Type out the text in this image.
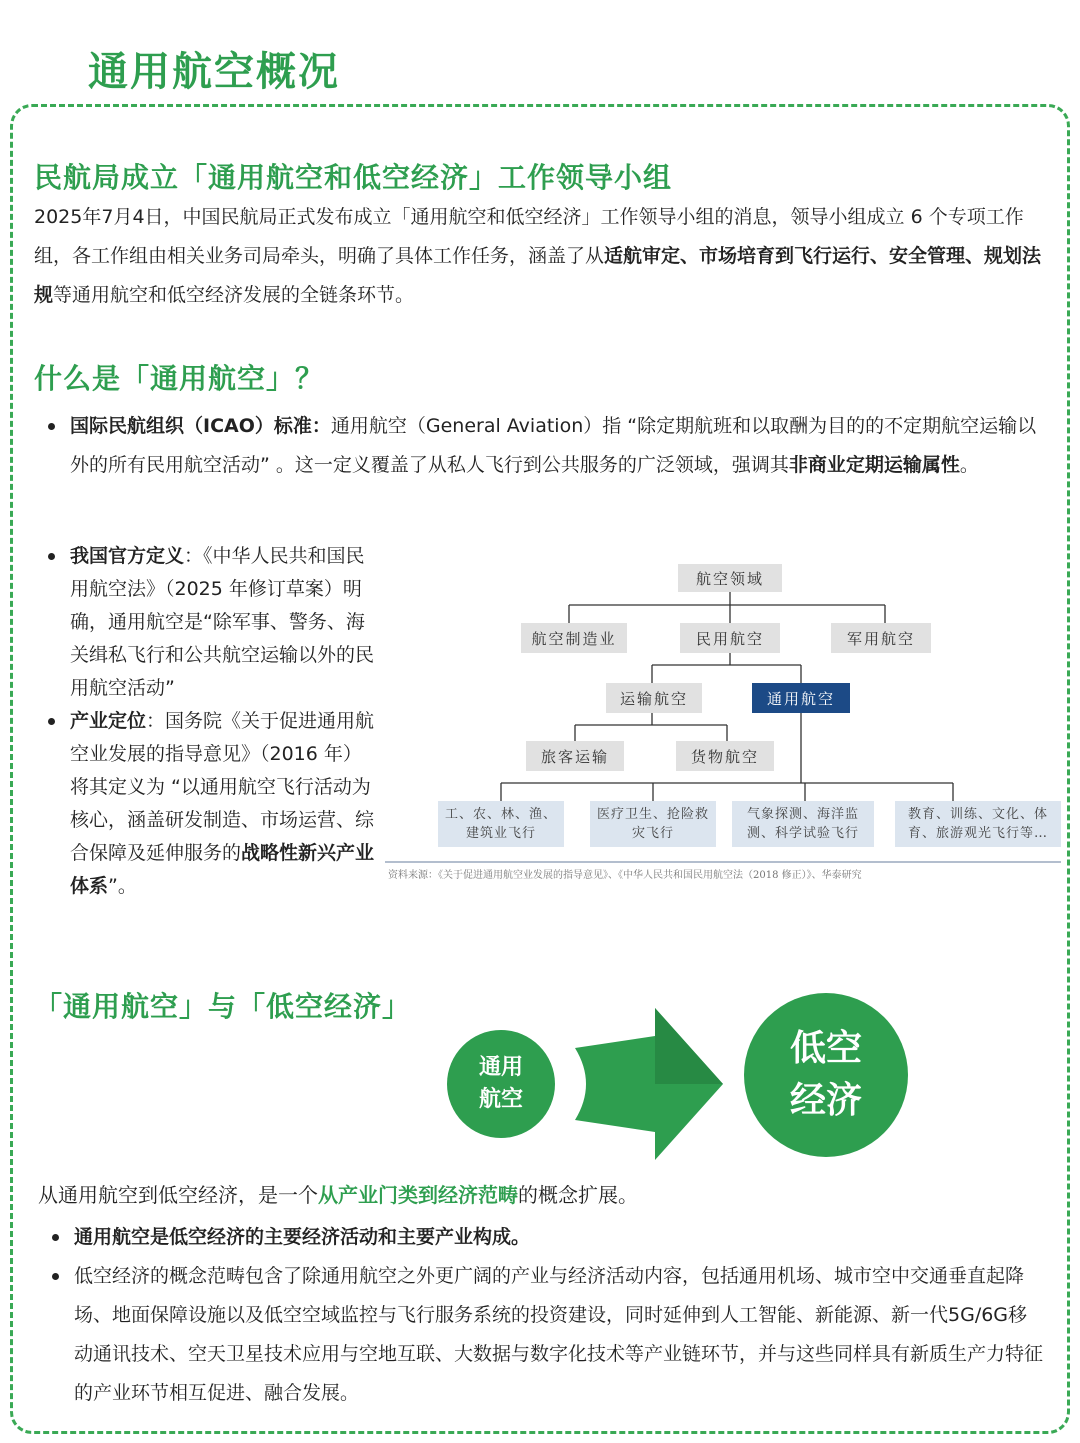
通用航空概况
民航局成立「通用航空和低空经济」工作领导小组
2025年7月4日，中国民航局正式发布成立「通用航空和低空经济」工作领导小组的消息，领导小组成立 6 个专项工作组，各工作组由相关业务司局牵头，明确了具体工作任务，涵盖了从适航审定、市场培育到飞行运行、安全管理、规划法规等通用航空和低空经济发展的全链条环节。
什么是「通用航空」？
国际民航组织（ICAO）标准：通用航空（General Aviation）指 “除定期航班和以取酬为目的的不定期航空运输以外的所有民用航空活动” 。这一定义覆盖了从私人飞行到公共服务的广泛领域，强调其非商业定期运输属性。
我国官方定义：《中华人民共和国民用航空法》（2025 年修订草案）明确，通用航空是“除军事、警务、海关缉私飞行和公共航空运输以外的民用航空活动”
产业定位：国务院《关于促进通用航空业发展的指导意见》（2016 年）将其定义为 “以通用航空飞行活动为核心，涵盖研发制造、市场运营、综合保障及延伸服务的战略性新兴产业体系”。
航空领域
航空制造业	民用航空	军用航空
运输航空	通用航空
旅客运输	货物航空
工、农、林、渔、建筑业飞行
医疗卫生、抢险救灾飞行
气象探测、海洋监测、科学试验飞行
教育、训练、文化、体育、旅游观光飞行等…
资料来源：《关于促进通用航空业发展的指导意见》、《中华人民共和国民用航空法（2018 修正）》、华泰研究
「通用航空」与「低空经济」
通用
航空
低空
经济
从通用航空到低空经济，是一个从产业门类到经济范畴的概念扩展。
通用航空是低空经济的主要经济活动和主要产业构成。
低空经济的概念范畴包含了除通用航空之外更广阔的产业与经济活动内容，包括通用机场、城市空中交通垂直起降场、地面保障设施以及低空空域监控与飞行服务系统的投资建设，同时延伸到人工智能、新能源、新一代5G/6G移动通讯技术、空天卫星技术应用与空地互联、大数据与数字化技术等产业链环节，并与这些同样具有新质生产力特征的产业环节相互促进、融合发展。
